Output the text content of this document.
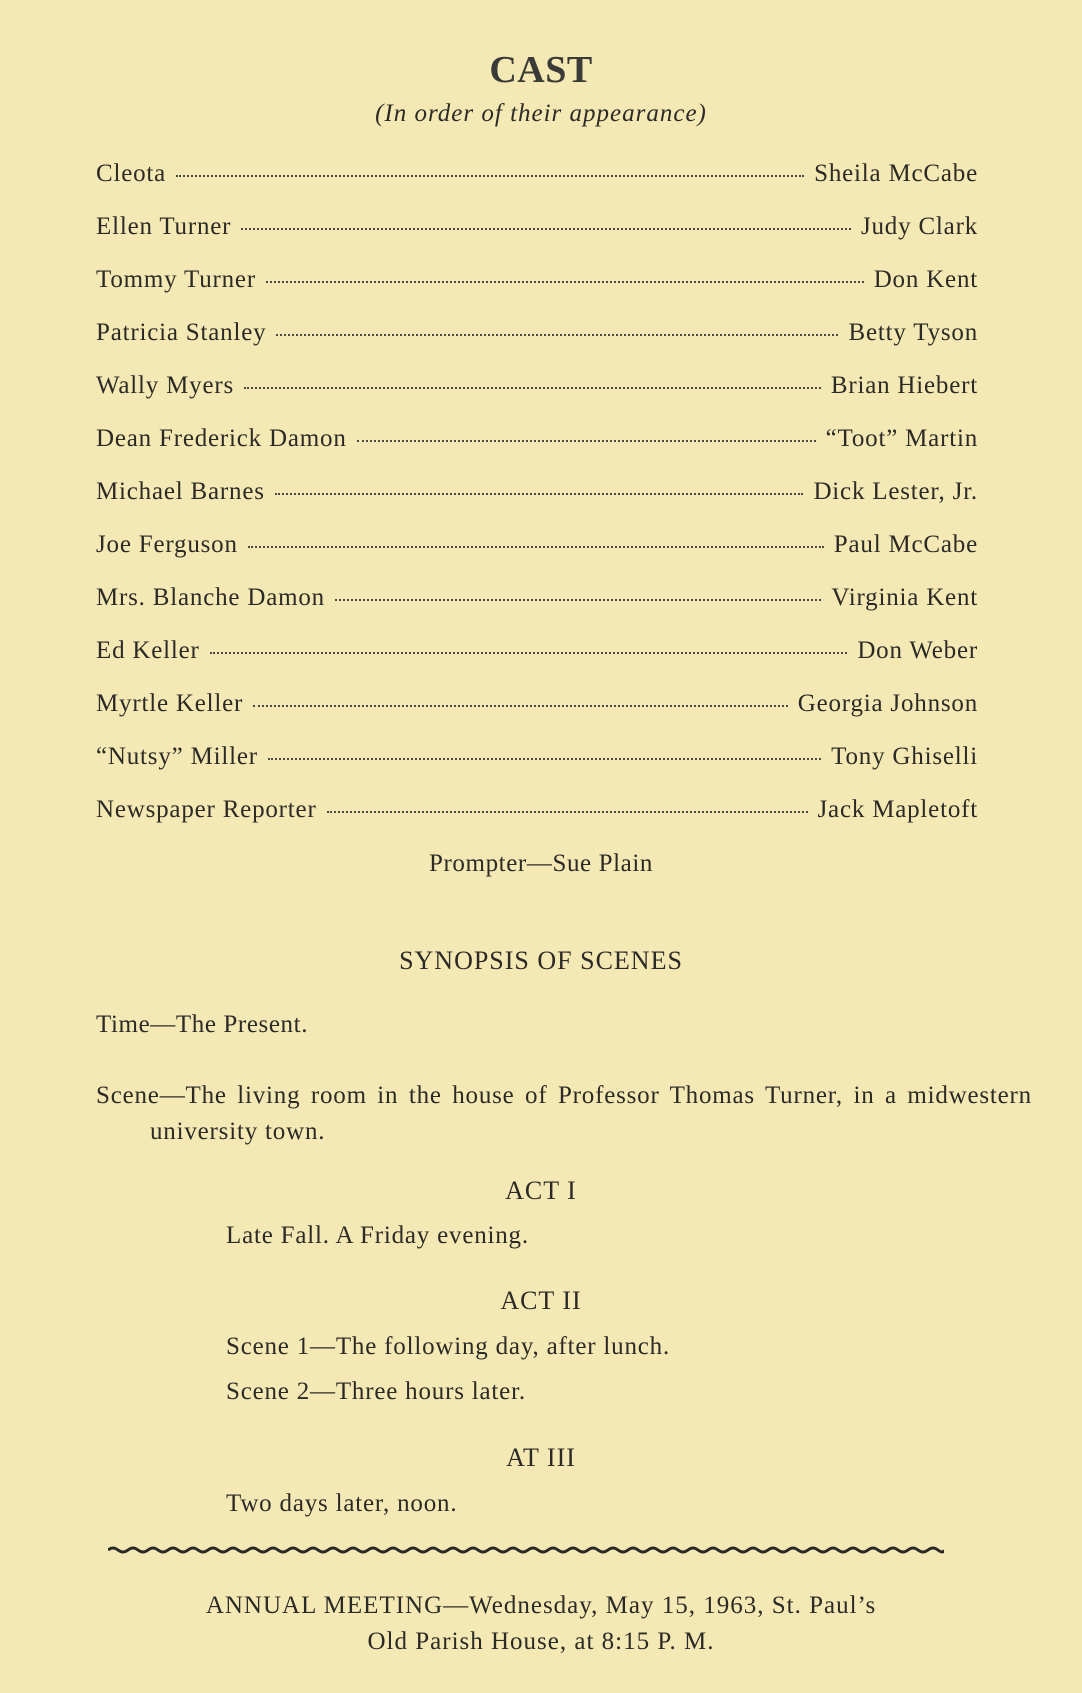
CAST
(In order of their appearance)
Cleota	Sheila McCabe
Ellen Turner	Judy Clark
Tommy Turner	Don Kent
Patricia Stanley	Betty Tyson
Wally Myers	Brian Hiebert
Dean Frederick Damon	“Toot” Martin
Michael Barnes	Dick Lester, Jr.
Joe Ferguson	Paul McCabe
Mrs. Blanche Damon	Virginia Kent
Ed Keller	Don Weber
Myrtle Keller	Georgia Johnson
“Nutsy” Miller	Tony Ghiselli
Newspaper Reporter	Jack Mapletoft
Prompter—Sue Plain
SYNOPSIS OF SCENES
Time—The Present.
Scene—The living room in the house of Professor Thomas Turner, in a midwestern university town.
ACT I
Late Fall. A Friday evening.
ACT II
Scene 1—The following day, after lunch.
Scene 2—Three hours later.
AT III
Two days later, noon.
ANNUAL MEETING—Wednesday, May 15, 1963, St. Paul’s
Old Parish House, at 8:15 P. M.
